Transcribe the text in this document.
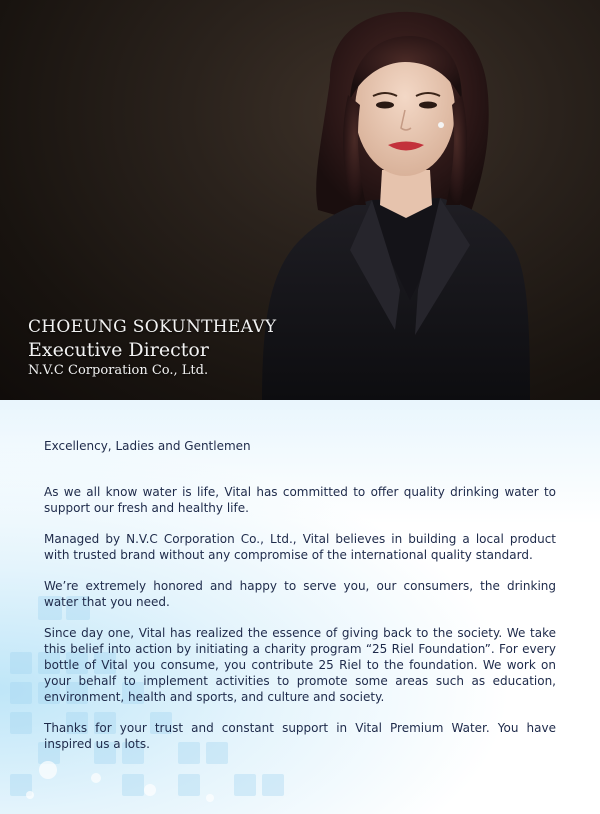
CHOEUNG SOKUNTHEAVY
Executive Director
N.V.C Corporation Co., Ltd.

Excellency, Ladies and Gentlemen

As we all know water is life, Vital has committed to offer quality drinking water to support our fresh and healthy life.

Managed by N.V.C Corporation Co., Ltd., Vital believes in building a local product with trusted brand without any compromise of the international quality standard.

We’re extremely honored and happy to serve you, our consumers, the drinking water that you need.

Since day one, Vital has realized the essence of giving back to the society. We take this belief into action by initiating a charity program “25 Riel Foundation”. For every bottle of Vital you consume, you contribute 25 Riel to the foundation. We work on your behalf to implement activities to promote some areas such as education, environment, health and sports, and culture and society.

Thanks for your trust and constant support in Vital Premium Water. You have inspired us a lots.
